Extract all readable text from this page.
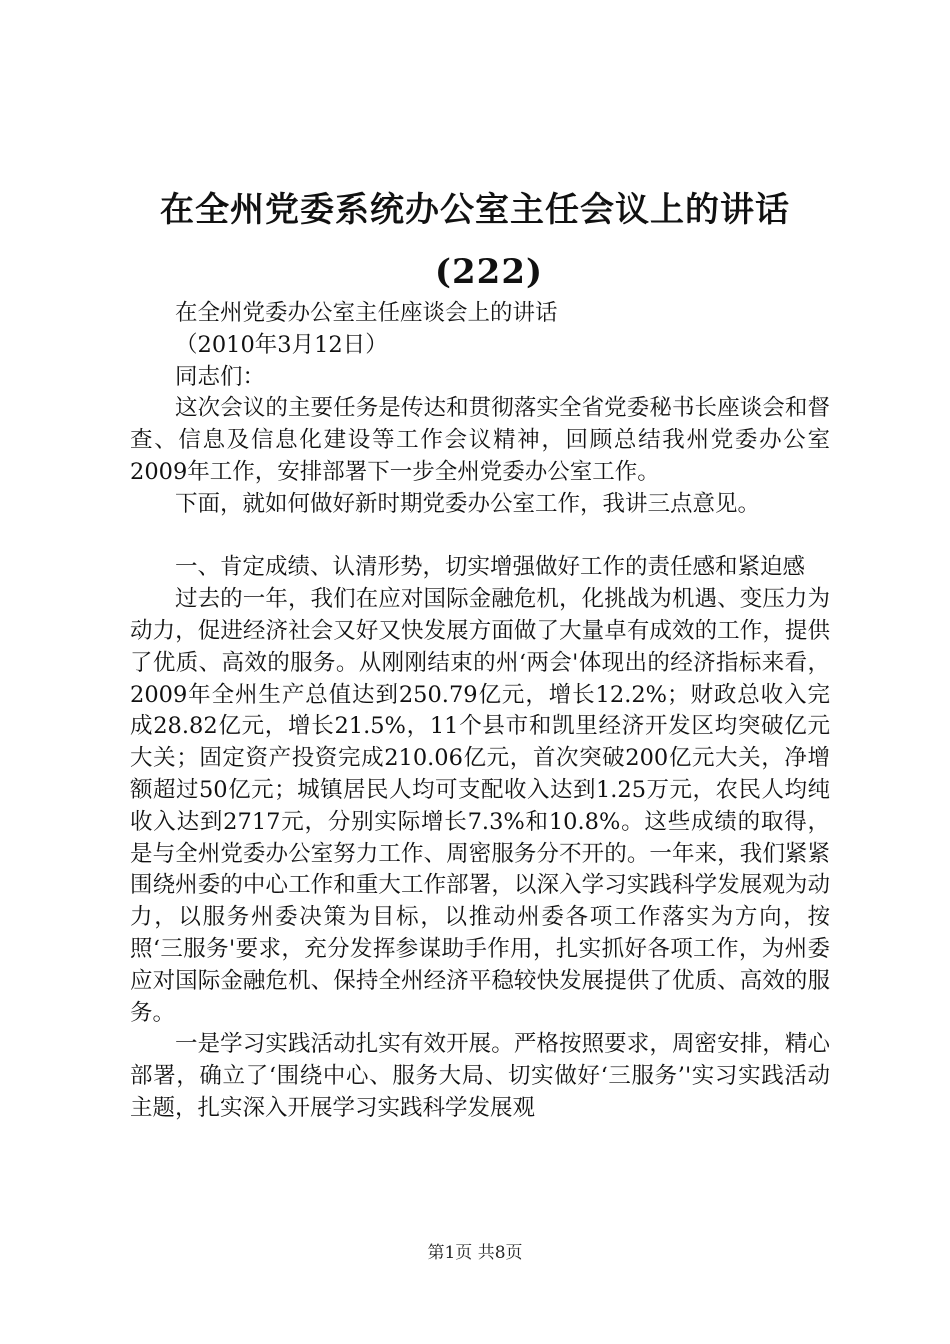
在全州党委系统办公室主任会议上的讲话
(222)

在全州党委办公室主任座谈会上的讲话

（2010年3月12日）

同志们：

这次会议的主要任务是传达和贯彻落实全省党委秘书长座谈会和督查、信息及信息化建设等工作会议精神，回顾总结我州党委办公室2009年工作，安排部署下一步全州党委办公室工作。

下面，就如何做好新时期党委办公室工作，我讲三点意见。

一、肯定成绩、认清形势，切实增强做好工作的责任感和紧迫感

过去的一年，我们在应对国际金融危机，化挑战为机遇、变压力为动力，促进经济社会又好又快发展方面做了大量卓有成效的工作，提供了优质、高效的服务。从刚刚结束的州‘两会'体现出的经济指标来看，2009年全州生产总值达到250.79亿元，增长12.2%；财政总收入完成28.82亿元，增长21.5%，11个县市和凯里经济开发区均突破亿元大关；固定资产投资完成210.06亿元，首次突破200亿元大关，净增额超过50亿元；城镇居民人均可支配收入达到1.25万元，农民人均纯收入达到2717元，分别实际增长7.3%和10.8%。这些成绩的取得，是与全州党委办公室努力工作、周密服务分不开的。一年来，我们紧紧围绕州委的中心工作和重大工作部署，以深入学习实践科学发展观为动力，以服务州委决策为目标，以推动州委各项工作落实为方向，按照‘三服务'要求，充分发挥参谋助手作用，扎实抓好各项工作，为州委应对国际金融危机、保持全州经济平稳较快发展提供了优质、高效的服务。

一是学习实践活动扎实有效开展。严格按照要求，周密安排，精心部署，确立了‘围绕中心、服务大局、切实做好‘三服务’'实习实践活动主题，扎实深入开展学习实践科学发展观

第1页 共8页
